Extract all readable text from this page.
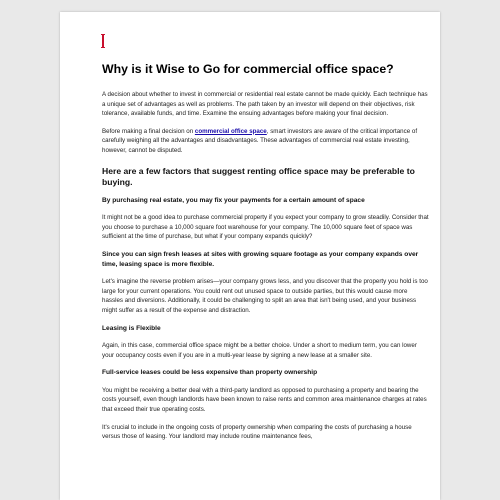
Why is it Wise to Go for commercial office space?

A decision about whether to invest in commercial or residential real estate cannot be made quickly. Each technique has a unique set of advantages as well as problems. The path taken by an investor will depend on their objectives, risk tolerance, available funds, and time. Examine the ensuing advantages before making your final decision.

Before making a final decision on commercial office space, smart investors are aware of the critical importance of carefully weighing all the advantages and disadvantages. These advantages of commercial real estate investing, however, cannot be disputed.

Here are a few factors that suggest renting office space may be preferable to buying.
By purchasing real estate, you may fix your payments for a certain amount of space

It might not be a good idea to purchase commercial property if you expect your company to grow steadily. Consider that you choose to purchase a 10,000 square foot warehouse for your company. The 10,000 square feet of space was sufficient at the time of purchase, but what if your company expands quickly?

Since you can sign fresh leases at sites with growing square footage as your company expands over time, leasing space is more flexible.

Let's imagine the reverse problem arises—your company grows less, and you discover that the property you hold is too large for your current operations. You could rent out unused space to outside parties, but this would cause more hassles and diversions. Additionally, it could be challenging to split an area that isn't being used, and your business might suffer as a result of the expense and distraction.

Leasing is Flexible

Again, in this case, commercial office space might be a better choice. Under a short to medium term, you can lower your occupancy costs even if you are in a multi-year lease by signing a new lease at a smaller site.

Full-service leases could be less expensive than property ownership

You might be receiving a better deal with a third-party landlord as opposed to purchasing a property and bearing the costs yourself, even though landlords have been known to raise rents and common area maintenance charges at rates that exceed their true operating costs.

It's crucial to include in the ongoing costs of property ownership when comparing the costs of purchasing a house versus those of leasing. Your landlord may include routine maintenance fees,
